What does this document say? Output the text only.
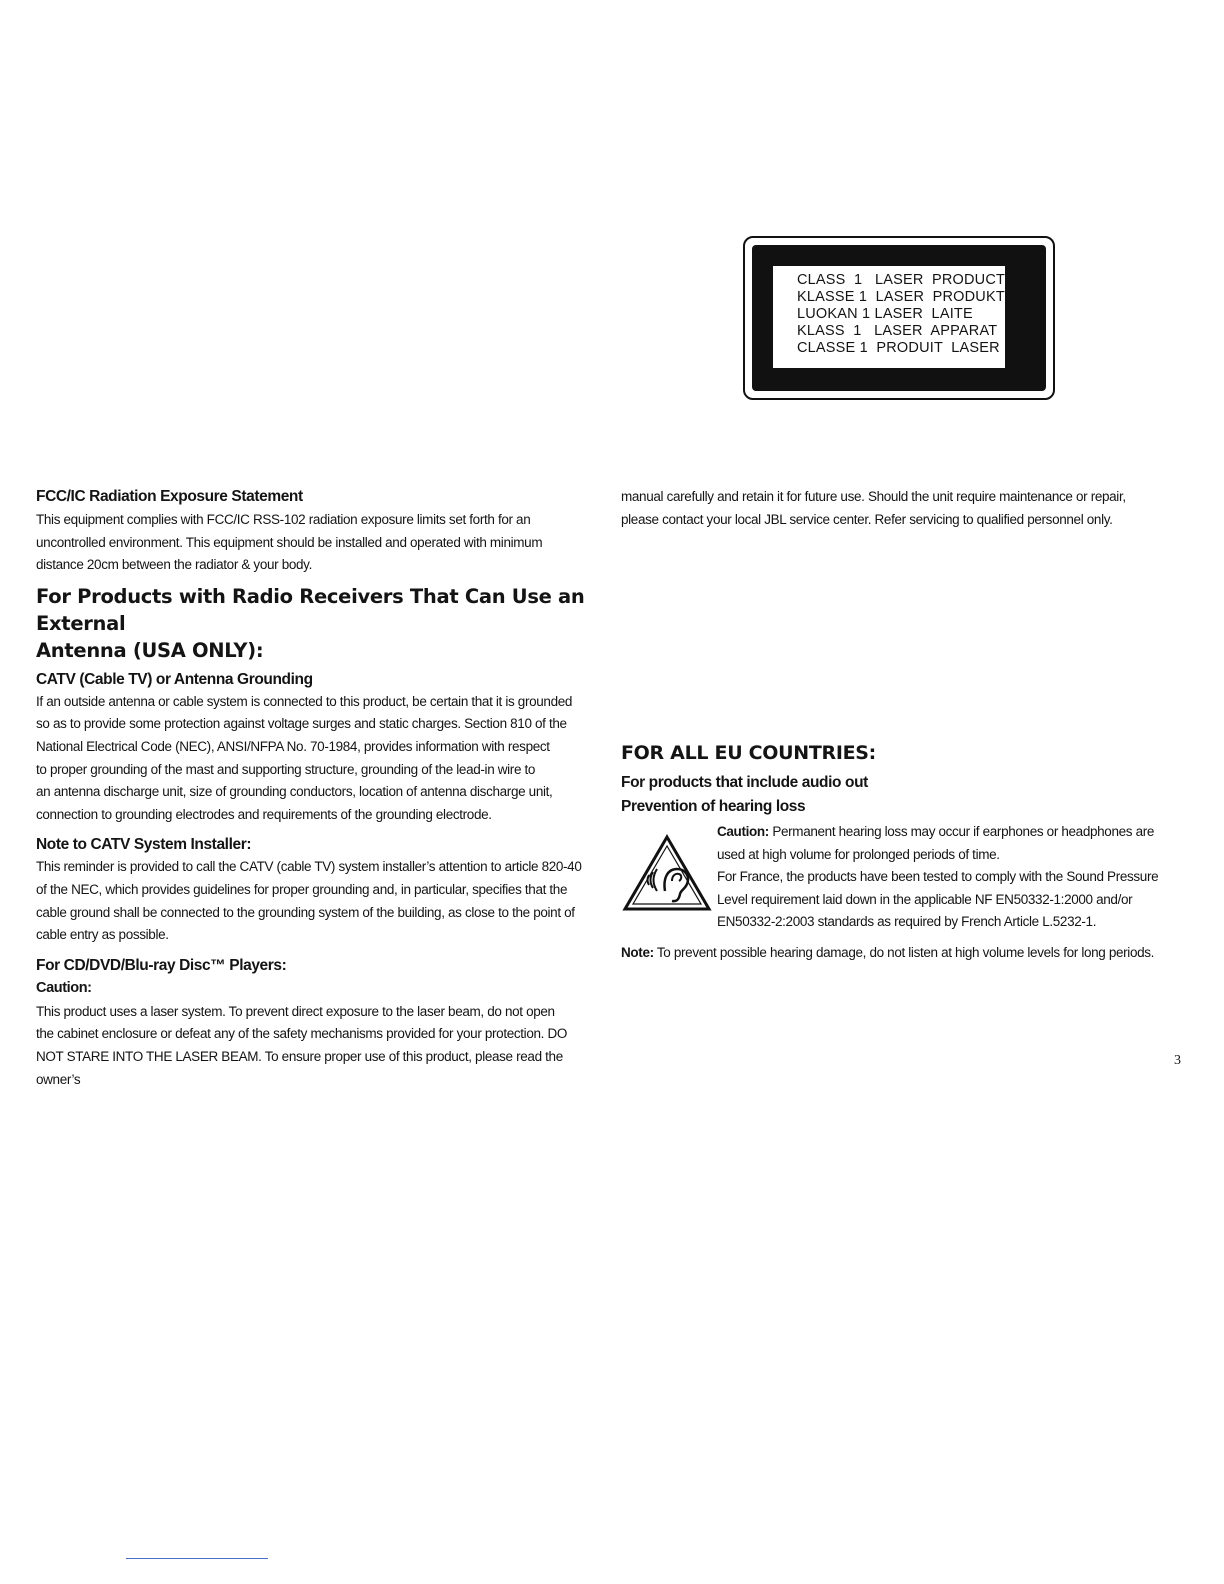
FCC/IC Radiation Exposure Statement

This equipment complies with FCC/IC RSS-102 radiation exposure limits set forth for an

uncontrolled environment. This equipment should be installed and operated with minimum

distance 20cm between the radiator & your body.

For Products with Radio Receivers That Can Use an External

Antenna (USA ONLY):

CATV (Cable TV) or Antenna Grounding

If an outside antenna or cable system is connected to this product, be certain that it is grounded

so as to provide some protection against voltage surges and static charges. Section 810 of the

National Electrical Code (NEC), ANSI/NFPA No. 70-1984, provides information with respect

to proper grounding of the mast and supporting structure, grounding of the lead-in wire to

an antenna discharge unit, size of grounding conductors, location of antenna discharge unit,

connection to grounding electrodes and requirements of the grounding electrode.

Note to CATV System Installer:

This reminder is provided to call the CATV (cable TV) system installer’s attention to article 820-40

of the NEC, which provides guidelines for proper grounding and, in particular, specifies that the

cable ground shall be connected to the grounding system of the building, as close to the point of

cable entry as possible.

For CD/DVD/Blu-ray Disc™ Players:

Caution:

This product uses a laser system. To prevent direct exposure to the laser beam, do not open

the cabinet enclosure or defeat any of the safety mechanisms provided for your protection. DO

NOT STARE INTO THE LASER BEAM. To ensure proper use of this product, please read the owner’s

manual carefully and retain it for future use. Should the unit require maintenance or repair,

please contact your local JBL service center. Refer servicing to qualified personnel only.

CLASS  1   LASER  PRODUCT
KLASSE 1  LASER  PRODUKT
LUOKAN 1 LASER  LAITE
KLASS  1   LASER  APPARAT
CLASSE 1  PRODUIT  LASER

FOR ALL EU COUNTRIES:

For products that include audio out

Prevention of hearing loss

Caution: Permanent hearing loss may occur if earphones or headphones are

used at high volume for prolonged periods of time.

For France, the products have been tested to comply with the Sound Pressure

Level requirement laid down in the applicable NF EN50332-1:2000 and/or

EN50332-2:2003 standards as required by French Article L.5232-1.

Note: To prevent possible hearing damage, do not listen at high volume levels for long periods.

3
